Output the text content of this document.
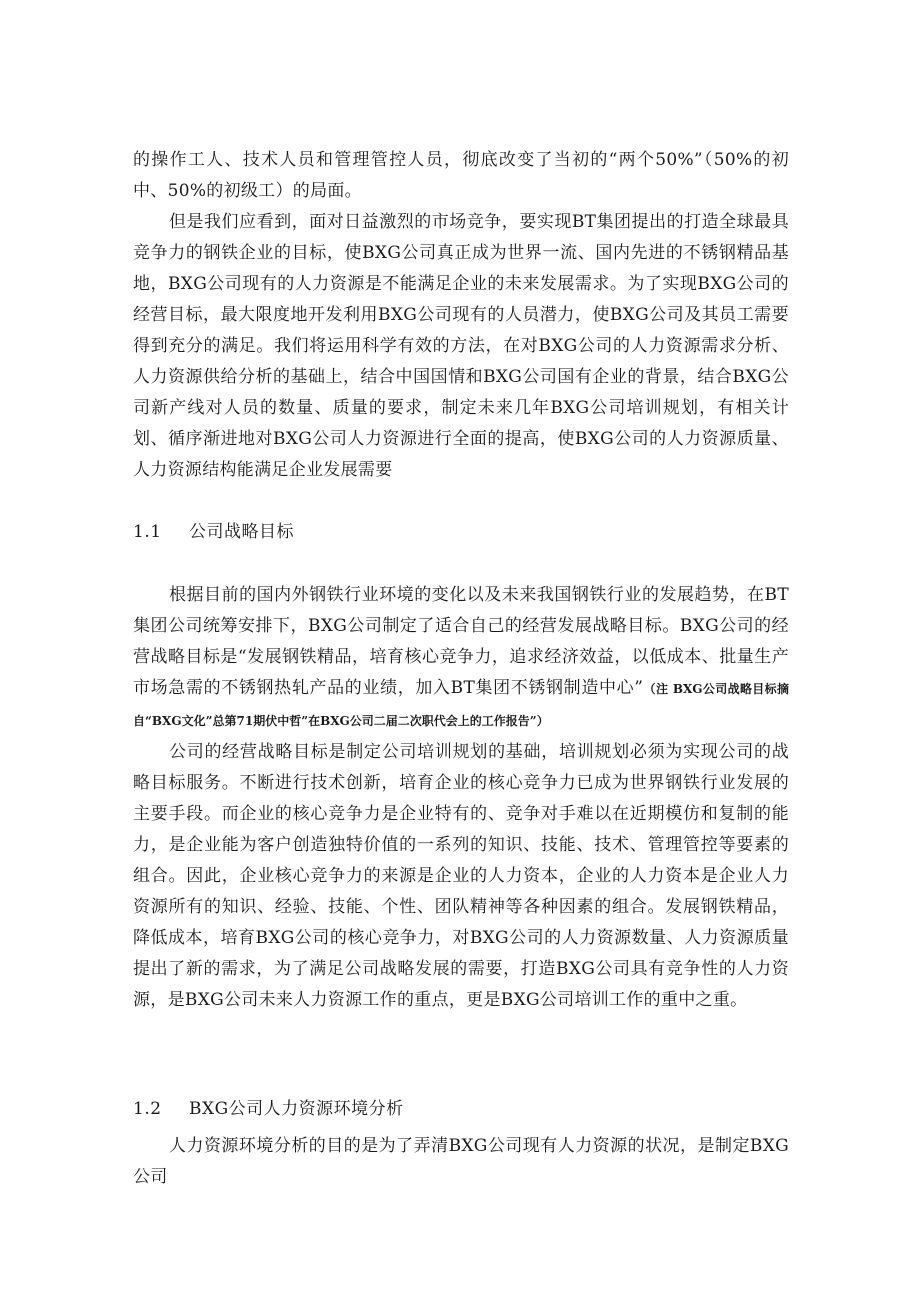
的操作工人、技术人员和管理管控人员，彻底改变了当初的“两个50%”（50%的初中、50%的初级工）的局面。

但是我们应看到，面对日益激烈的市场竞争，要实现BT集团提出的打造全球最具竞争力的钢铁企业的目标，使BXG公司真正成为世界一流、国内先进的不锈钢精品基地，BXG公司现有的人力资源是不能满足企业的未来发展需求。为了实现BXG公司的经营目标，最大限度地开发利用BXG公司现有的人员潜力，使BXG公司及其员工需要得到充分的满足。我们将运用科学有效的方法，在对BXG公司的人力资源需求分析、人力资源供给分析的基础上，结合中国国情和BXG公司国有企业的背景，结合BXG公司新产线对人员的数量、质量的要求，制定未来几年BXG公司培训规划，有相关计划、循序渐进地对BXG公司人力资源进行全面的提高，使BXG公司的人力资源质量、人力资源结构能满足企业发展需要

1.1 公司战略目标

根据目前的国内外钢铁行业环境的变化以及未来我国钢铁行业的发展趋势，在BT集团公司统筹安排下，BXG公司制定了适合自己的经营发展战略目标。BXG公司的经营战略目标是“发展钢铁精品，培育核心竞争力，追求经济效益，以低成本、批量生产市场急需的不锈钢热轧产品的业绩，加入BT集团不锈钢制造中心”（注 BXG公司战略目标摘自“BXG文化”总第71期伏中哲”在BXG公司二届二次职代会上的工作报告”）

公司的经营战略目标是制定公司培训规划的基础，培训规划必须为实现公司的战略目标服务。不断进行技术创新，培育企业的核心竞争力已成为世界钢铁行业发展的主要手段。而企业的核心竞争力是企业特有的、竞争对手难以在近期模仿和复制的能力，是企业能为客户创造独特价值的一系列的知识、技能、技术、管理管控等要素的组合。因此，企业核心竞争力的来源是企业的人力资本，企业的人力资本是企业人力资源所有的知识、经验、技能、个性、团队精神等各种因素的组合。发展钢铁精品，降低成本，培育BXG公司的核心竞争力，对BXG公司的人力资源数量、人力资源质量提出了新的需求，为了满足公司战略发展的需要，打造BXG公司具有竞争性的人力资源，是BXG公司未来人力资源工作的重点，更是BXG公司培训工作的重中之重。

1.2 BXG公司人力资源环境分析

人力资源环境分析的目的是为了弄清BXG公司现有人力资源的状况，是制定BXG公司
